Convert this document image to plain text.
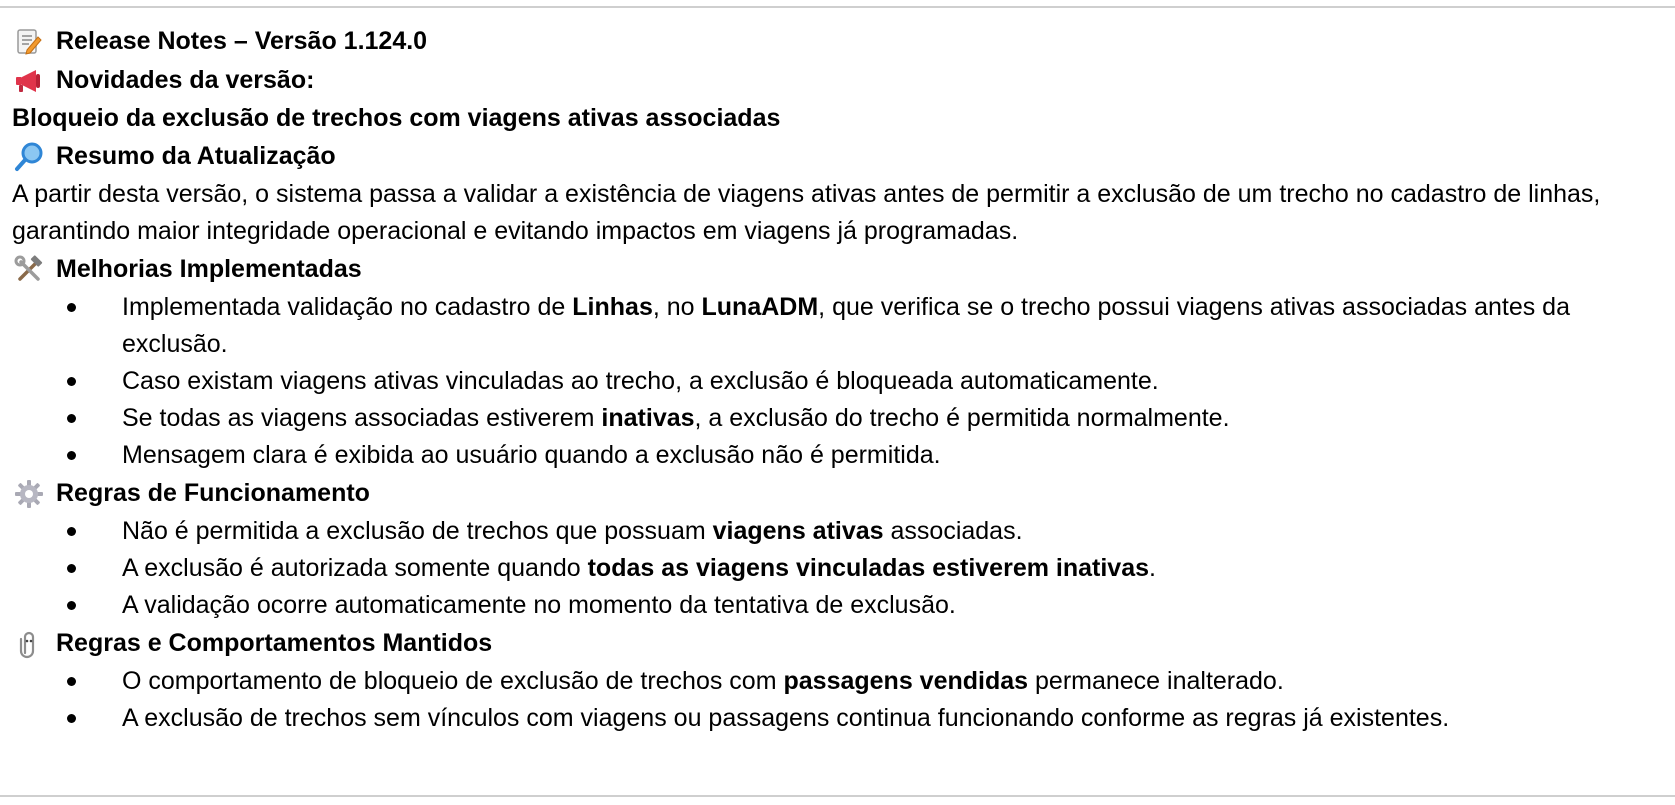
Release Notes – Versão 1.124.0
Novidades da versão:
Bloqueio da exclusão de trechos com viagens ativas associadas
Resumo da Atualização

A partir desta versão, o sistema passa a validar a existência de viagens ativas antes de permitir a exclusão de um trecho no cadastro de linhas, garantindo maior integridade operacional e evitando impactos em viagens já programadas.

Melhorias Implementadas
Implementada validação no cadastro de Linhas, no LunaADM, que verifica se o trecho possui viagens ativas associadas antes da exclusão.
Caso existam viagens ativas vinculadas ao trecho, a exclusão é bloqueada automaticamente.
Se todas as viagens associadas estiverem inativas, a exclusão do trecho é permitida normalmente.
Mensagem clara é exibida ao usuário quando a exclusão não é permitida.
Regras de Funcionamento
Não é permitida a exclusão de trechos que possuam viagens ativas associadas.
A exclusão é autorizada somente quando todas as viagens vinculadas estiverem inativas.
A validação ocorre automaticamente no momento da tentativa de exclusão.
Regras e Comportamentos Mantidos
O comportamento de bloqueio de exclusão de trechos com passagens vendidas permanece inalterado.
A exclusão de trechos sem vínculos com viagens ou passagens continua funcionando conforme as regras já existentes.
